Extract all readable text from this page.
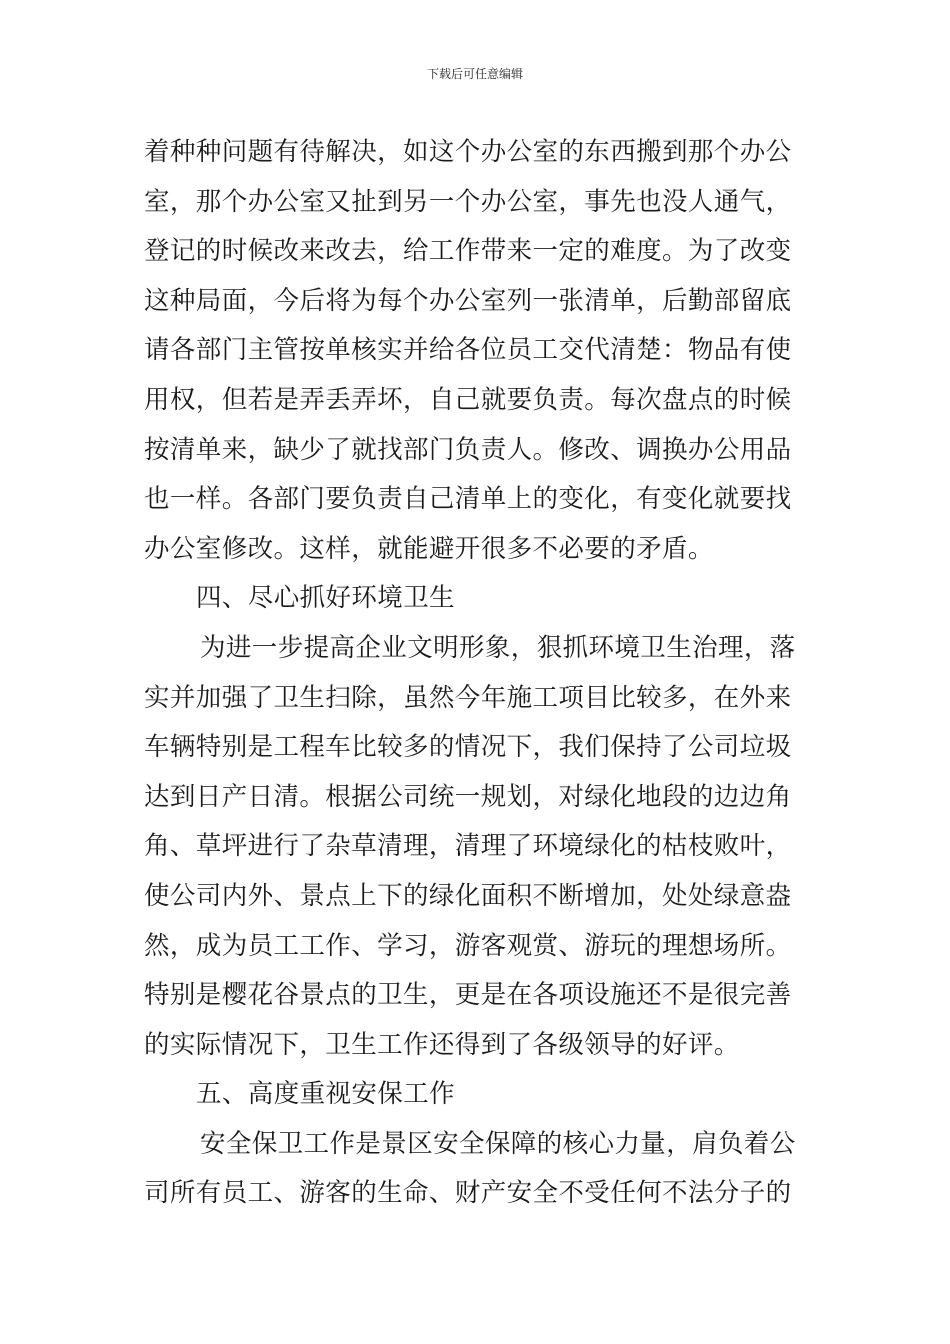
下载后可任意编辑
着种种问题有待解决，如这个办公室的东西搬到那个办公
室，那个办公室又扯到另一个办公室，事先也没人通气，
登记的时候改来改去，给工作带来一定的难度。为了改变
这种局面，今后将为每个办公室列一张清单，后勤部留底
请各部门主管按单核实并给各位员工交代清楚：物品有使
用权，但若是弄丢弄坏，自己就要负责。每次盘点的时候
按清单来，缺少了就找部门负责人。修改、调换办公用品
也一样。各部门要负责自己清单上的变化，有变化就要找
办公室修改。这样，就能避开很多不必要的矛盾。
四、尽心抓好环境卫生
为进一步提高企业文明形象，狠抓环境卫生治理，落
实并加强了卫生扫除，虽然今年施工项目比较多，在外来
车辆特别是工程车比较多的情况下，我们保持了公司垃圾
达到日产日清。根据公司统一规划，对绿化地段的边边角
角、草坪进行了杂草清理，清理了环境绿化的枯枝败叶，
使公司内外、景点上下的绿化面积不断增加，处处绿意盎
然，成为员工工作、学习，游客观赏、游玩的理想场所。
特别是樱花谷景点的卫生，更是在各项设施还不是很完善
的实际情况下，卫生工作还得到了各级领导的好评。
五、高度重视安保工作
安全保卫工作是景区安全保障的核心力量，肩负着公
司所有员工、游客的生命、财产安全不受任何不法分子的
